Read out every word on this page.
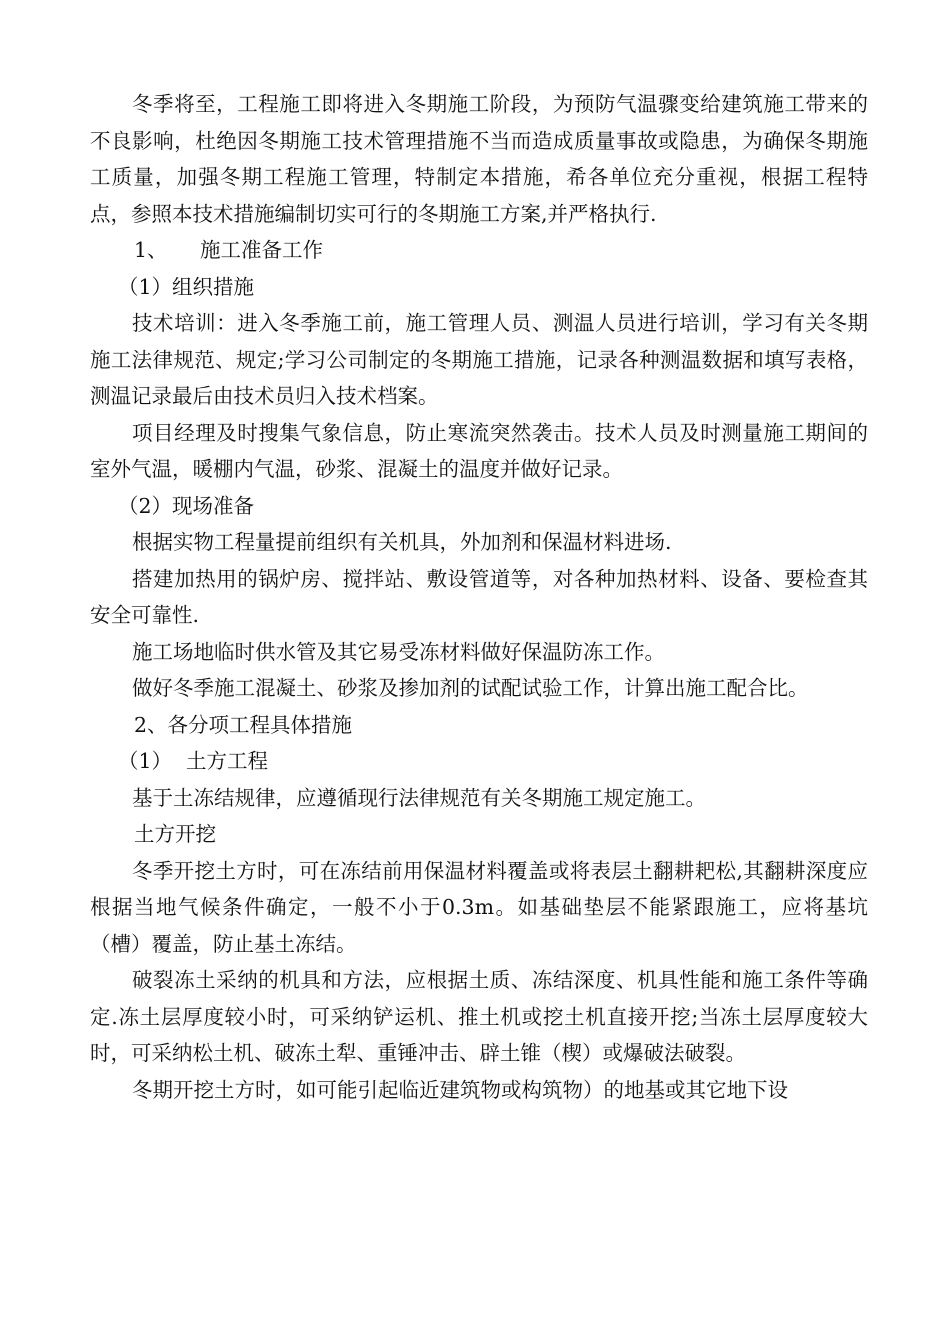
冬季将至，工程施工即将进入冬期施工阶段，为预防气温骤变给建筑施工带来的不良影响，杜绝因冬期施工技术管理措施不当而造成质量事故或隐患，为确保冬期施工质量，加强冬期工程施工管理，特制定本措施，希各单位充分重视，根据工程特点，参照本技术措施编制切实可行的冬期施工方案,并严格执行.

1、 施工准备工作

（1）组织措施

技术培训：进入冬季施工前，施工管理人员、测温人员进行培训，学习有关冬期施工法律规范、规定;学习公司制定的冬期施工措施，记录各种测温数据和填写表格，测温记录最后由技术员归入技术档案。

项目经理及时搜集气象信息，防止寒流突然袭击。技术人员及时测量施工期间的室外气温，暖棚内气温，砂浆、混凝土的温度并做好记录。

（2）现场准备

根据实物工程量提前组织有关机具，外加剂和保温材料进场.

搭建加热用的锅炉房、搅拌站、敷设管道等，对各种加热材料、设备、要检查其安全可靠性.

施工场地临时供水管及其它易受冻材料做好保温防冻工作。

做好冬季施工混凝土、砂浆及掺加剂的试配试验工作，计算出施工配合比。

2、各分项工程具体措施

（1） 土方工程

基于土冻结规律，应遵循现行法律规范有关冬期施工规定施工。

土方开挖

冬季开挖土方时，可在冻结前用保温材料覆盖或将表层土翻耕耙松,其翻耕深度应根据当地气候条件确定，一般不小于0.3m。如基础垫层不能紧跟施工，应将基坑（槽）覆盖，防止基土冻结。

破裂冻土采纳的机具和方法，应根据土质、冻结深度、机具性能和施工条件等确定.冻土层厚度较小时，可采纳铲运机、推土机或挖土机直接开挖;当冻土层厚度较大时，可采纳松土机、破冻土犁、重锤冲击、辟土锥（楔）或爆破法破裂。

冬期开挖土方时，如可能引起临近建筑物或构筑物）的地基或其它地下设
